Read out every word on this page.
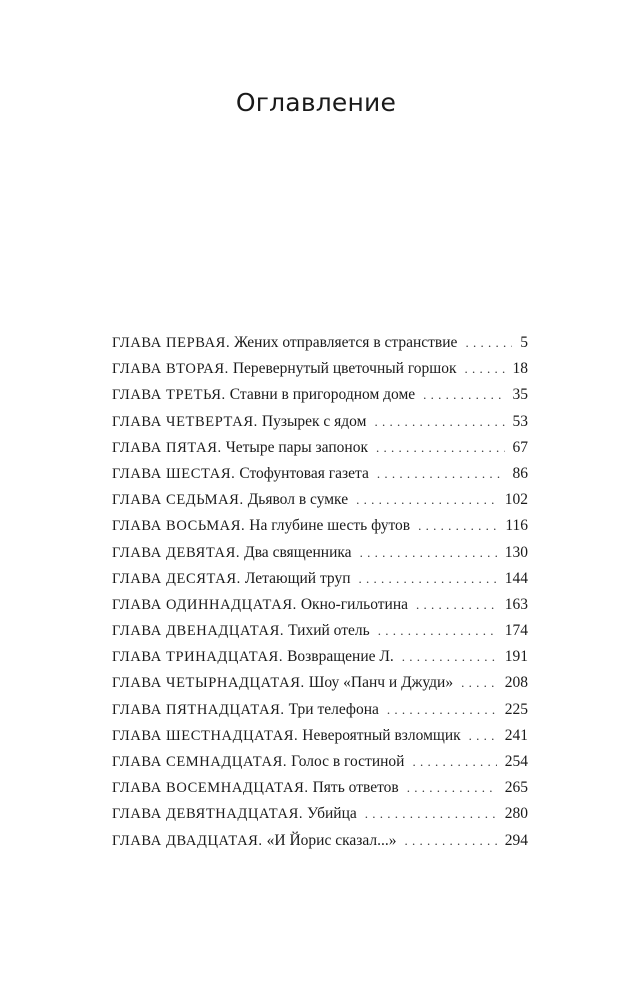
Оглавление
ГЛАВА ПЕРВАЯ. Жених отправляется в странствие . . .	5
ГЛАВА ВТОРАЯ. Перевернутый цветочный горшок . . .	18
ГЛАВА ТРЕТЬЯ. Ставни в пригородном доме . . .	35
ГЛАВА ЧЕТВЕРТАЯ. Пузырек с ядом . . .	53
ГЛАВА ПЯТАЯ. Четыре пары запонок . . .	67
ГЛАВА ШЕСТАЯ. Стофунтовая газета . . .	86
ГЛАВА СЕДЬМАЯ. Дьявол в сумке . . .	102
ГЛАВА ВОСЬМАЯ. На глубине шесть футов . . .	116
ГЛАВА ДЕВЯТАЯ. Два священника . . .	130
ГЛАВА ДЕСЯТАЯ. Летающий труп . . .	144
ГЛАВА ОДИННАДЦАТАЯ. Окно-гильотина . . .	163
ГЛАВА ДВЕНАДЦАТАЯ. Тихий отель . . .	174
ГЛАВА ТРИНАДЦАТАЯ. Возвращение Л. . . .	191
ГЛАВА ЧЕТЫРНАДЦАТАЯ. Шоу «Панч и Джуди» . . .	208
ГЛАВА ПЯТНАДЦАТАЯ. Три телефона . . .	225
ГЛАВА ШЕСТНАДЦАТАЯ. Невероятный взломщик . . .	241
ГЛАВА СЕМНАДЦАТАЯ. Голос в гостиной . . .	254
ГЛАВА ВОСЕМНАДЦАТАЯ. Пять ответов . . .	265
ГЛАВА ДЕВЯТНАДЦАТАЯ. Убийца . . .	280
ГЛАВА ДВАДЦАТАЯ. «И Йорис сказал...» . . .	294
